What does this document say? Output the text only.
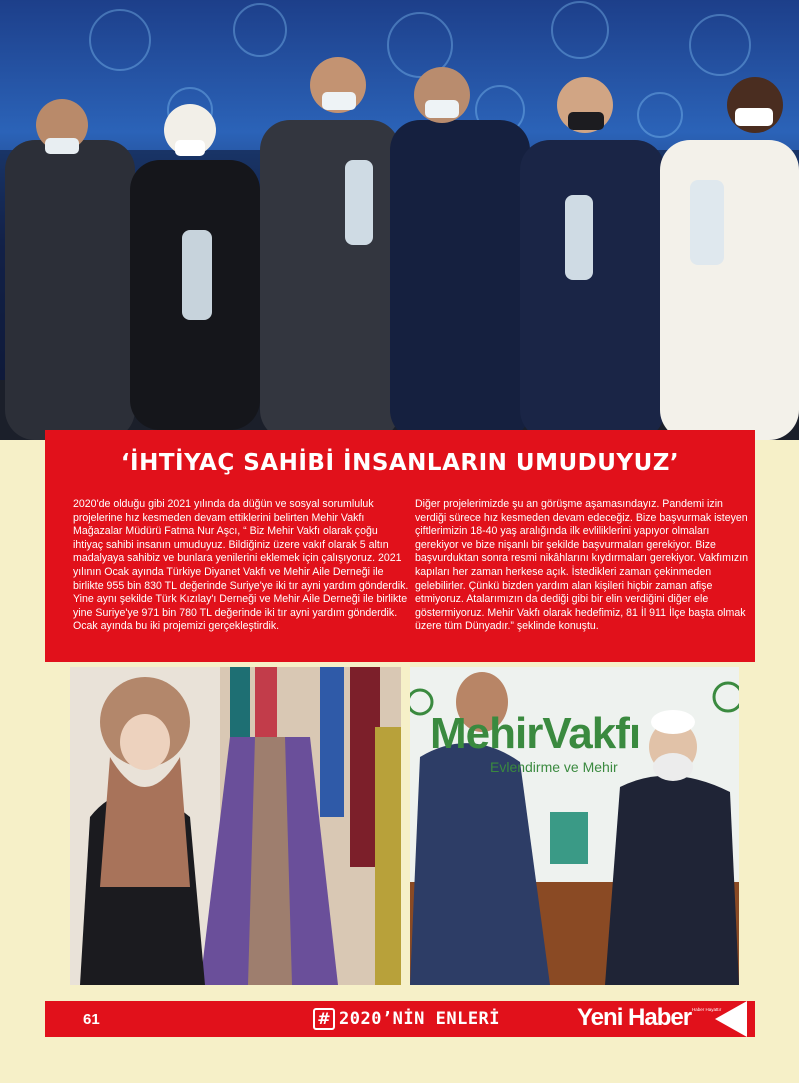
‘İHTİYAÇ SAHİBİ İNSANLARIN UMUDUYUZ’
2020'de olduğu gibi 2021 yılında da düğün ve sosyal sorumluluk projelerine hız kesmeden devam ettiklerini belirten Mehir Vakfı Mağazalar Müdürü Fatma Nur Aşcı, “ Biz Mehir Vakfı olarak çoğu ihtiyaç sahibi insanın umuduyuz. Bildiğiniz üzere vakıf olarak 5 altın madalyaya sahibiz ve bunlara yenilerini eklemek için çalışıyoruz. 2021 yılının Ocak ayında Türkiye Diyanet Vakfı ve Mehir Aile Derneği ile birlikte 955 bin 830 TL değerinde Suriye'ye iki tır ayni yardım gönderdik. Yine aynı şekilde Türk Kızılay'ı Derneği ve Mehir Aile Derneği ile birlikte yine Suriye'ye 971 bin 780 TL değerinde iki tır ayni yardım gönderdik. Ocak ayında bu iki projemizi gerçekleştirdik.
Diğer projelerimizde şu an görüşme aşamasındayız. Pandemi izin verdiği sürece hız kesmeden devam edeceğiz. Bize başvurmak isteyen çiftlerimizin 18-40 yaş aralığında ilk evliliklerini yapıyor olmaları gerekiyor ve bize nişanlı bir şekilde başvurmaları gerekiyor. Bize başvurduktan sonra resmi nikâhlarını kıydırmaları gerekiyor. Vakfımızın kapıları her zaman herkese açık. İstedikleri zaman çekinmeden gelebilirler. Çünkü bizden yardım alan kişileri hiçbir zaman afişe etmiyoruz. Atalarımızın da dediği gibi bir elin verdiğini diğer ele göstermiyoruz. Mehir Vakfı olarak hedefimiz, 81 İl 911 İlçe başta olmak üzere tüm Dünyadır.” şeklinde konuştu.
MehirVakfı
Evlendirme ve Mehir
61	# 2020’NİN ENLERİ	Yeni Haber Haber Hayattır
